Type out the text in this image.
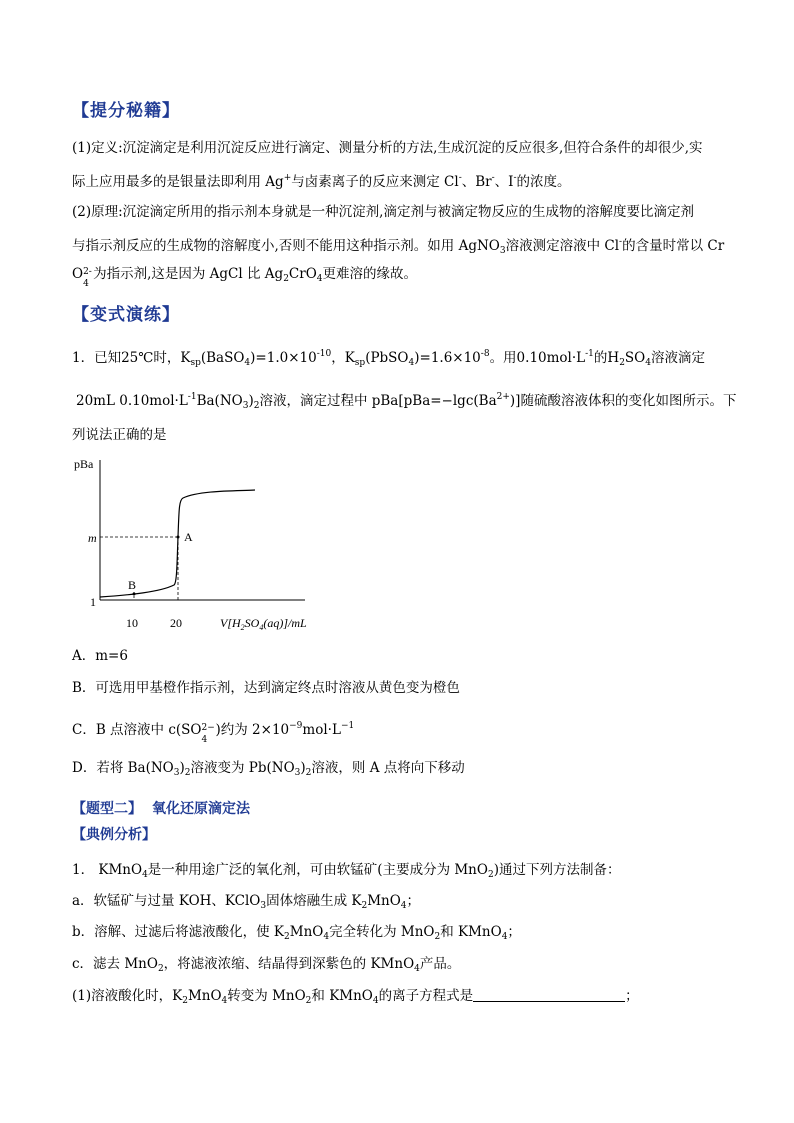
【提分秘籍】
(1)定义:沉淀滴定是利用沉淀反应进行滴定、测量分析的方法,生成沉淀的反应很多,但符合条件的却很少,实
际上应用最多的是银量法即利用 Ag+与卤素离子的反应来测定 Cl-、Br-、I-的浓度。
(2)原理:沉淀滴定所用的指示剂本身就是一种沉淀剂,滴定剂与被滴定物反应的生成物的溶解度要比滴定剂
与指示剂反应的生成物的溶解度小,否则不能用这种指示剂。如用 AgNO$_3$溶液测定溶液中 Cl-的含量时常以 Cr
O 2-
4
为指示剂,这是因为 AgCl 比 $Ag_2CrO_4$更难溶的缘故。
【变式演练】
1．已知25℃时，$K_{sp}(BaSO_4)=1.0\times 10^{-10}$，$K_{sp}(PbSO_4)=1.6\times 10^{-8}$。用$0.10mol\cdot L^{-1}$的$H_2SO_4$溶液滴定
20mL $0.10mol\cdot L^{-1}Ba(NO_3)_2$溶液，滴定过程中 $pBa[pBa=-\lg c(Ba^{2+})]$随硫酸溶液体积的变化如图所示。下
列说法正确的是
pBa
m
1
B
A
10	20	$V[H_2SO_4(aq)]/mL$
A．m=6
B．可选用甲基橙作指示剂，达到滴定终点时溶液从黄色变为橙色
C．B 点溶液中 c(SO 2−
4
)约为 $2\times 10^{-9}mol\cdot L^{-1}$
D．若将 $Ba(NO_3)_2$溶液变为 $Pb(NO_3)_2$溶液，则 A 点将向下移动
【题型二】 氧化还原滴定法
【典例分析】
1． KMnO$_4$是一种用途广泛的氧化剂，可由软锰矿(主要成分为 MnO$_2$)通过下列方法制备：
a．软锰矿与过量 KOH、KClO$_3$固体熔融生成 $K_2MnO_4$；
b．溶解、过滤后将滤液酸化，使 $K_2MnO_4$完全转化为 MnO$_2$和 KMnO$_4$；
c．滤去 MnO$_2$，将滤液浓缩、结晶得到深紫色的 KMnO$_4$产品。
(1)溶液酸化时，$K_2MnO_4$转变为 MnO$_2$和 KMnO$_4$的离子方程式是	；
